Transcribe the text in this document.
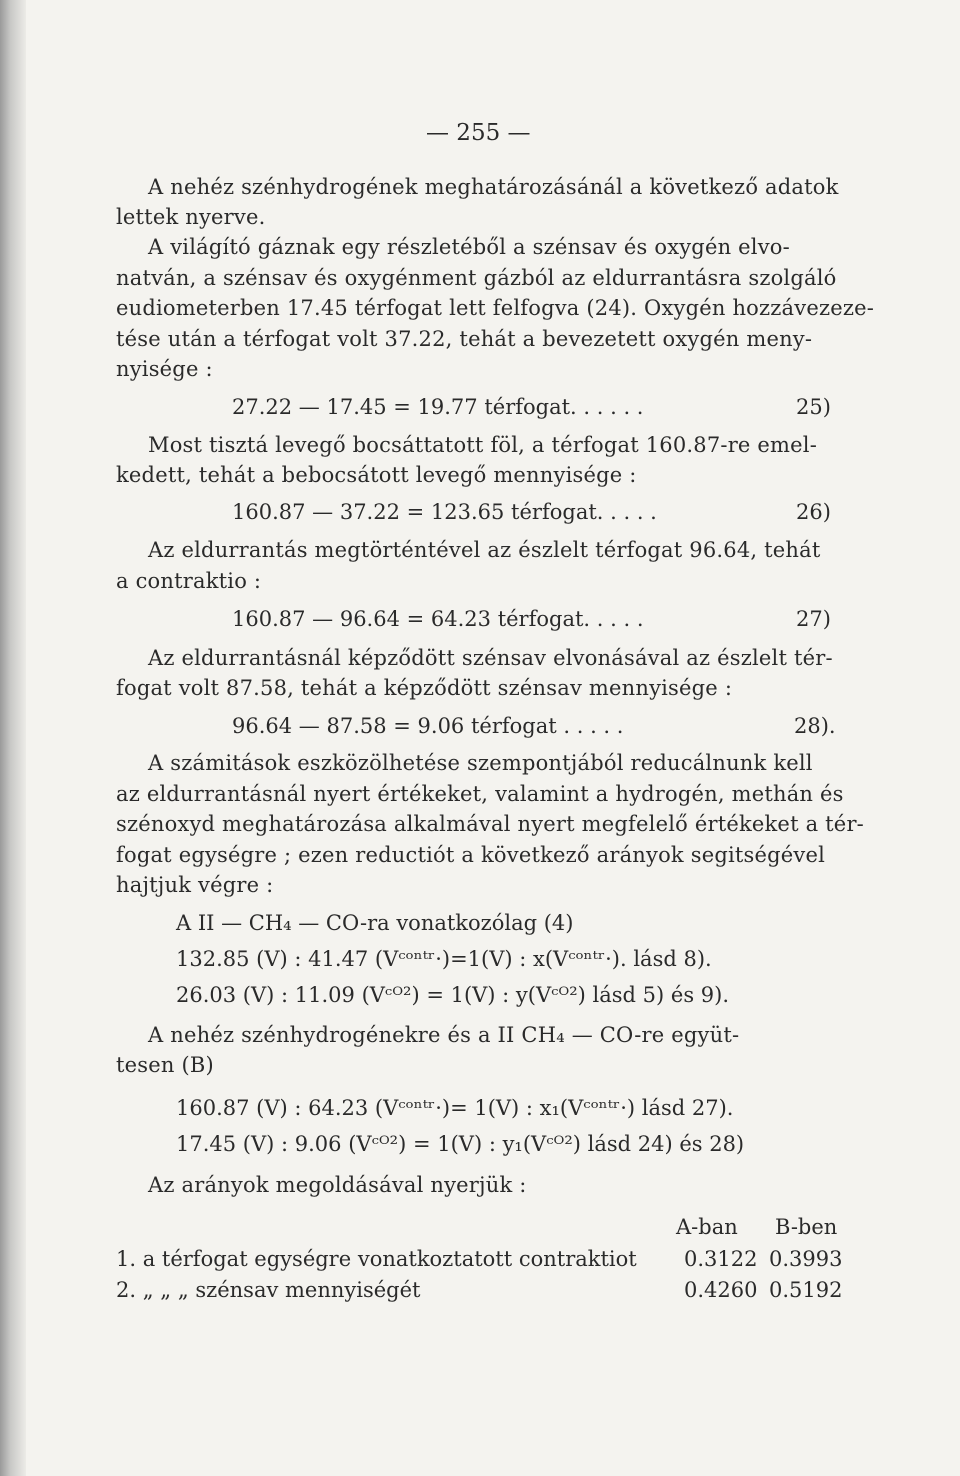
— 255 —

A nehéz szénhydrogének meghatározásánál a következő adatok

lettek nyerve.

A világító gáznak egy részletéből a szénsav és oxygén elvo-

natván, a szénsav és oxygénment gázból az eldurrantásra szolgáló

eudiometerben 17.45 térfogat lett felfogva (24). Oxygén hozzávezeze-

tése után a térfogat volt 37.22, tehát a bevezetett oxygén meny-

nyisége :

27.22 — 17.45 = 19.77 térfogat. . . . . .	25)

Most tisztá levegő bocsáttatott föl, a térfogat 160.87-re emel-

kedett, tehát a bebocsátott levegő mennyisége :

160.87 — 37.22 = 123.65 térfogat. . . . .	26)

Az eldurrantás megtörténtével az észlelt térfogat 96.64, tehát

a contraktio :

160.87 — 96.64 = 64.23 térfogat. . . . .	27)

Az eldurrantásnál képződött szénsav elvonásával az észlelt tér-

fogat volt 87.58, tehát a képződött szénsav mennyisége :

96.64 — 87.58 = 9.06 térfogat . . . . .	28).

A számitások eszközölhetése szempontjából reducálnunk kell

az eldurrantásnál nyert értékeket, valamint a hydrogén, methán és

szénoxyd meghatározása alkalmával nyert megfelelő értékeket a tér-

fogat egységre ; ezen reductiót a következő arányok segitségével

hajtjuk végre :

A II — CH₄ — CO-ra vonatkozólag (4)
132.85 (V) : 41.47 (Vᶜᵒⁿᵗʳ·)=1(V) : x(Vᶜᵒⁿᵗʳ·). lásd 8).
26.03 (V) : 11.09 (Vᶜᴼ²) = 1(V) : y(Vᶜᴼ²) lásd 5) és 9).

A nehéz szénhydrogénekre és a II CH₄ — CO-re együt-

tesen (B)

160.87 (V) : 64.23 (Vᶜᵒⁿᵗʳ·)= 1(V) : x₁(Vᶜᵒⁿᵗʳ·) lásd 27).
17.45 (V) : 9.06 (Vᶜᴼ²) = 1(V) : y₁(Vᶜᴼ²) lásd 24) és 28)

Az arányok megoldásával nyerjük :

A-ban B-ben
1. a térfogat egységre vonatkoztatott contraktiot 0.3122 0.3993
2. „ „ „ szénsav mennyiségét	0.4260 0.5192
